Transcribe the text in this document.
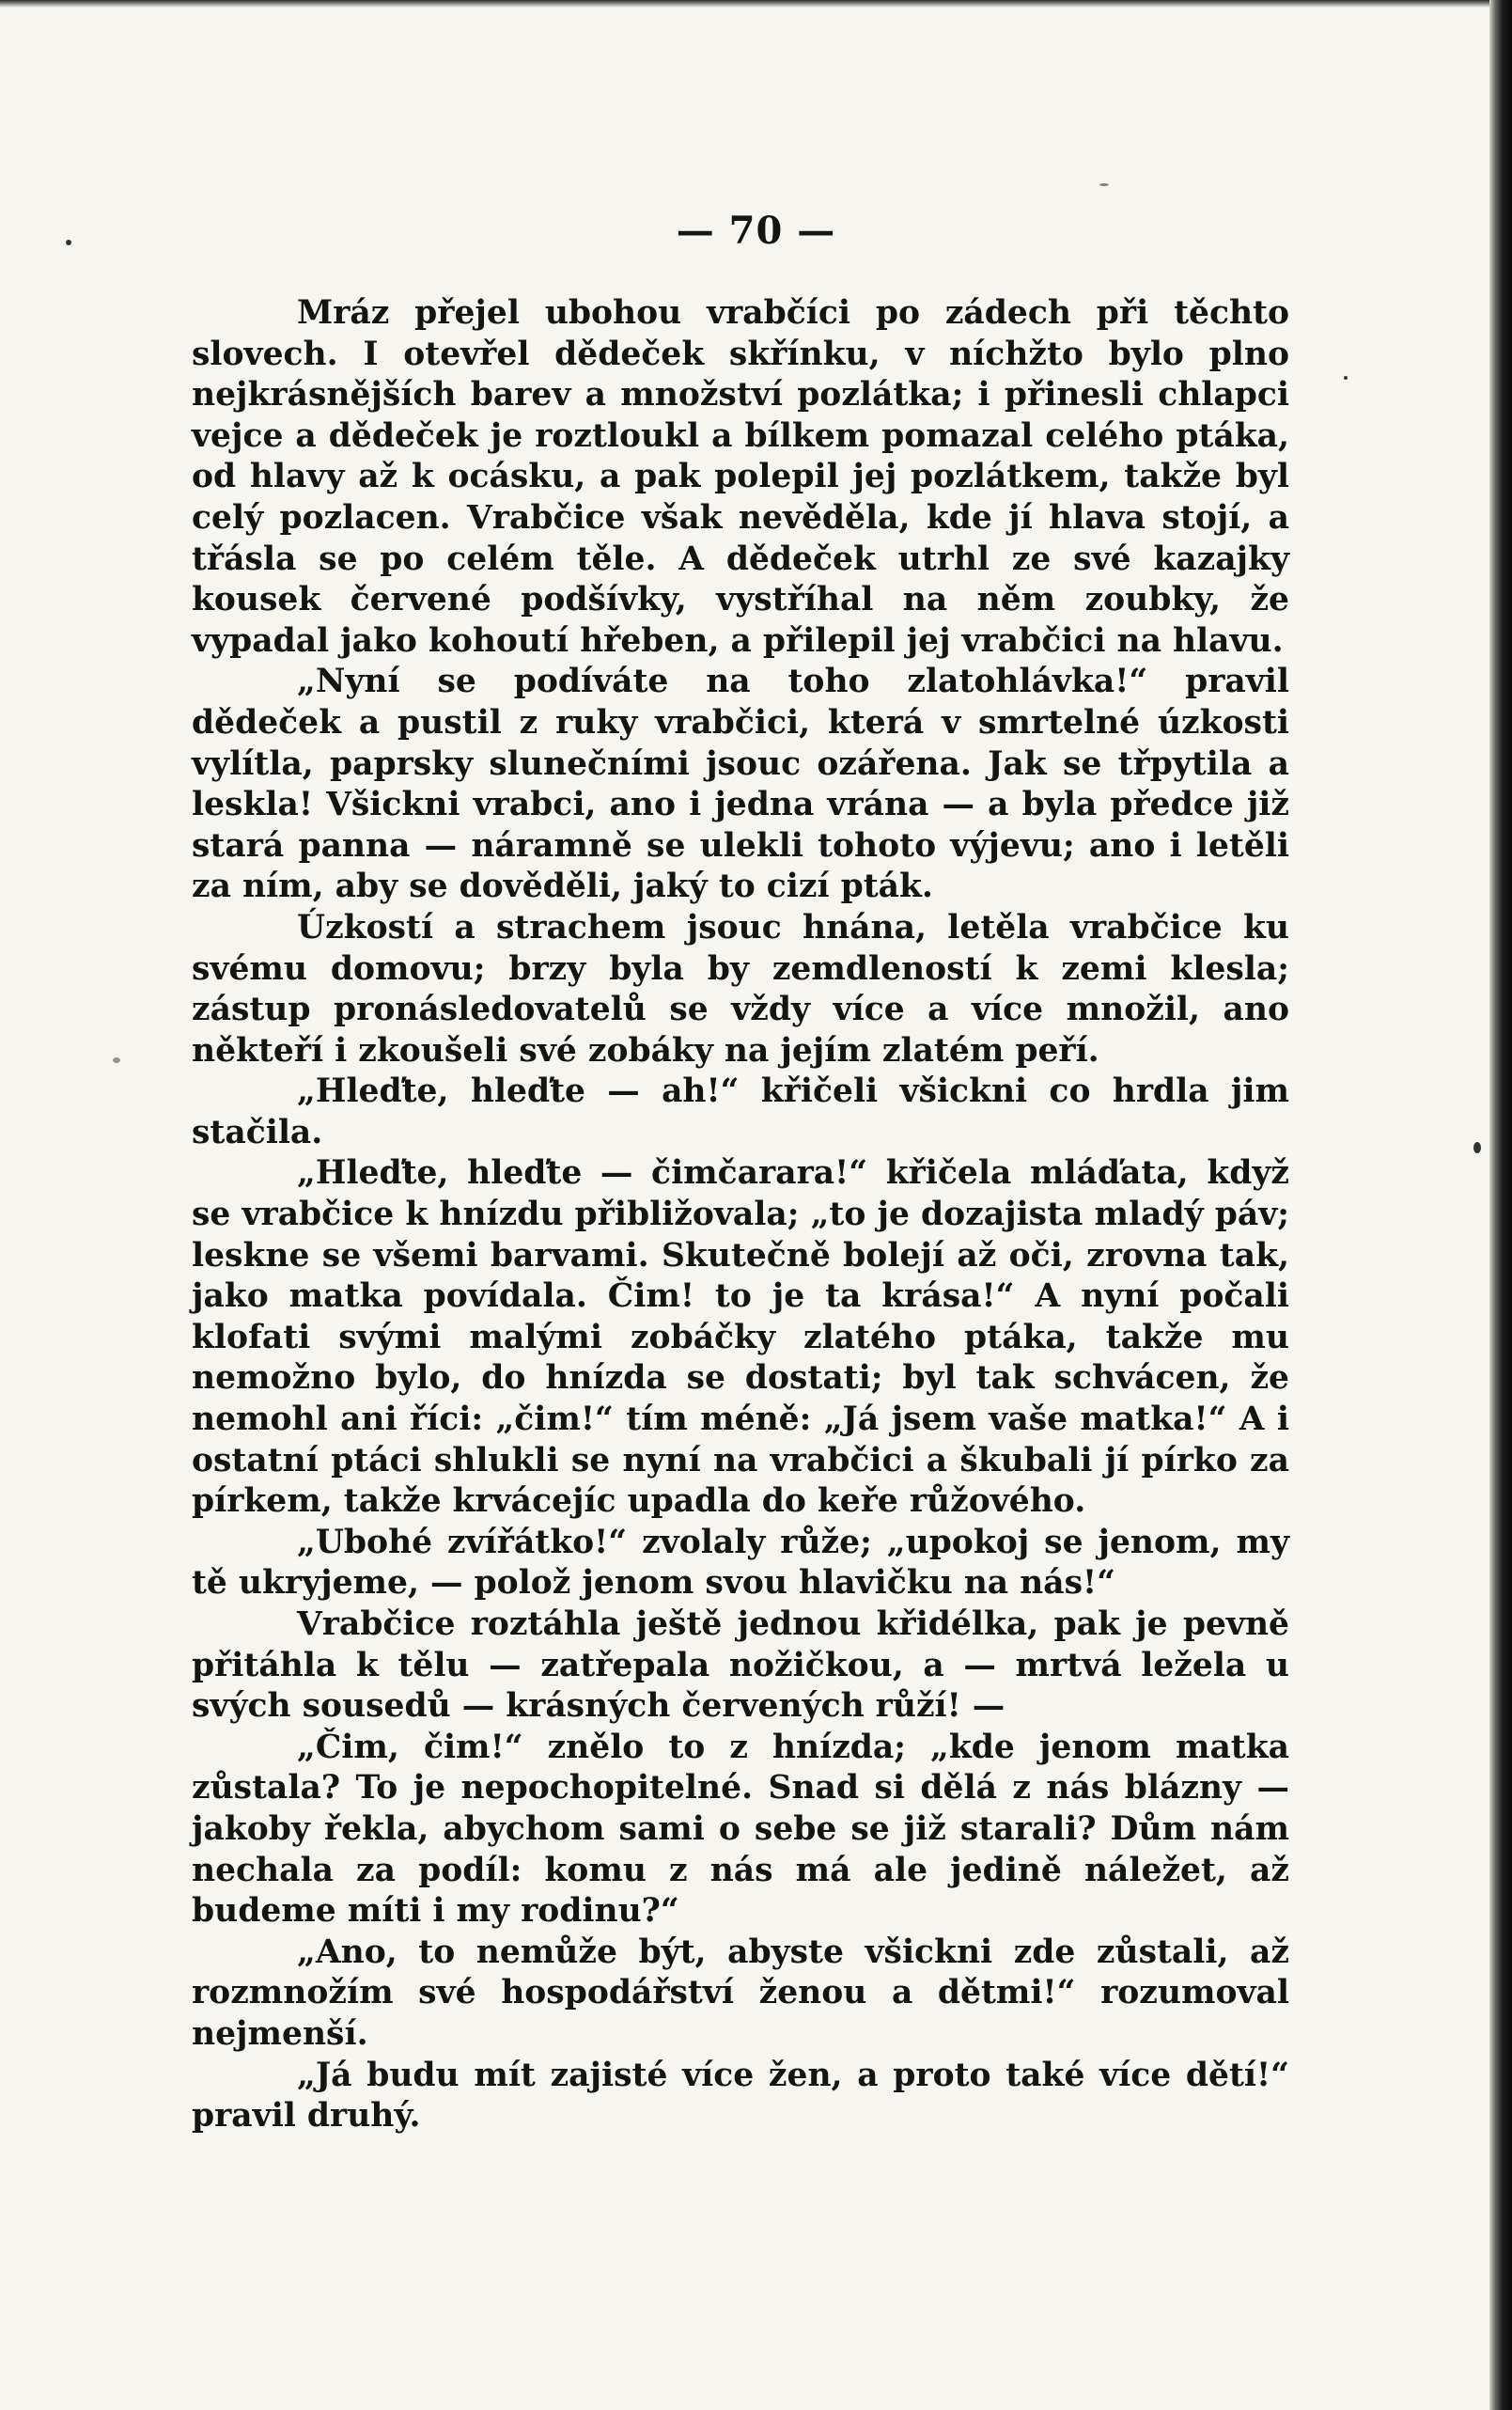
— 70 —

Mráz přejel ubohou vrabčíci po zádech při těchto slovech. I otevřel dědeček skřínku, v níchžto bylo plno nejkrásnějších barev a množství pozlátka; i přinesli chlapci vejce a dědeček je roztloukl a bílkem pomazal celého ptáka, od hlavy až k ocásku, a pak polepil jej pozlátkem, takže byl celý pozlacen. Vrabčice však nevěděla, kde jí hlava stojí, a třásla se po celém těle. A dědeček utrhl ze své kazajky kousek červené podšívky, vystříhal na něm zoubky, že vypadal jako kohoutí hřeben, a přilepil jej vrabčici na hlavu.

„Nyní se podíváte na toho zlatohlávka!“ pravil dědeček a pustil z ruky vrabčici, která v smrtelné úzkosti vylítla, paprsky slunečními jsouc ozářena. Jak se třpytila a leskla! Všickni vrabci, ano i jedna vrána — a byla předce již stará panna — náramně se ulekli tohoto výjevu; ano i letěli za ním, aby se dověděli, jaký to cizí pták.

Úzkostí a strachem jsouc hnána, letěla vrabčice ku svému domovu; brzy byla by zemdleností k zemi klesla; zástup pronásledovatelů se vždy více a více množil, ano někteří i zkoušeli své zobáky na jejím zlatém peří.

„Hleďte, hleďte — ah!“ křičeli všickni co hrdla jim stačila.

„Hleďte, hleďte — čimčarara!“ křičela mláďata, když se vrabčice k hnízdu přibližovala; „to je dozajista mladý páv; leskne se všemi barvami. Skutečně bolejí až oči, zrovna tak, jako matka povídala. Čim! to je ta krása!“ A nyní počali klofati svými malými zobáčky zlatého ptáka, takže mu nemožno bylo, do hnízda se dostati; byl tak schvácen, že nemohl ani říci: „čim!“ tím méně: „Já jsem vaše matka!“ A i ostatní ptáci shlukli se nyní na vrabčici a škubali jí pírko za pírkem, takže krvácejíc upadla do keře růžového.

„Ubohé zvířátko!“ zvolaly růže; „upokoj se jenom, my tě ukryjeme, — polož jenom svou hlavičku na nás!“

Vrabčice roztáhla ještě jednou křidélka, pak je pevně přitáhla k tělu — zatřepala nožičkou, a — mrtvá ležela u svých sousedů — krásných červených růží! —

„Čim, čim!“ znělo to z hnízda; „kde jenom matka zůstala? To je nepochopitelné. Snad si dělá z nás blázny — jakoby řekla, abychom sami o sebe se již starali? Dům nám nechala za podíl: komu z nás má ale jedině náležet, až budeme míti i my rodinu?“

„Ano, to nemůže být, abyste všickni zde zůstali, až rozmnožím své hospodářství ženou a dětmi!“ rozumoval nejmenší.

„Já budu mít zajisté více žen, a proto také více dětí!“ pravil druhý.
